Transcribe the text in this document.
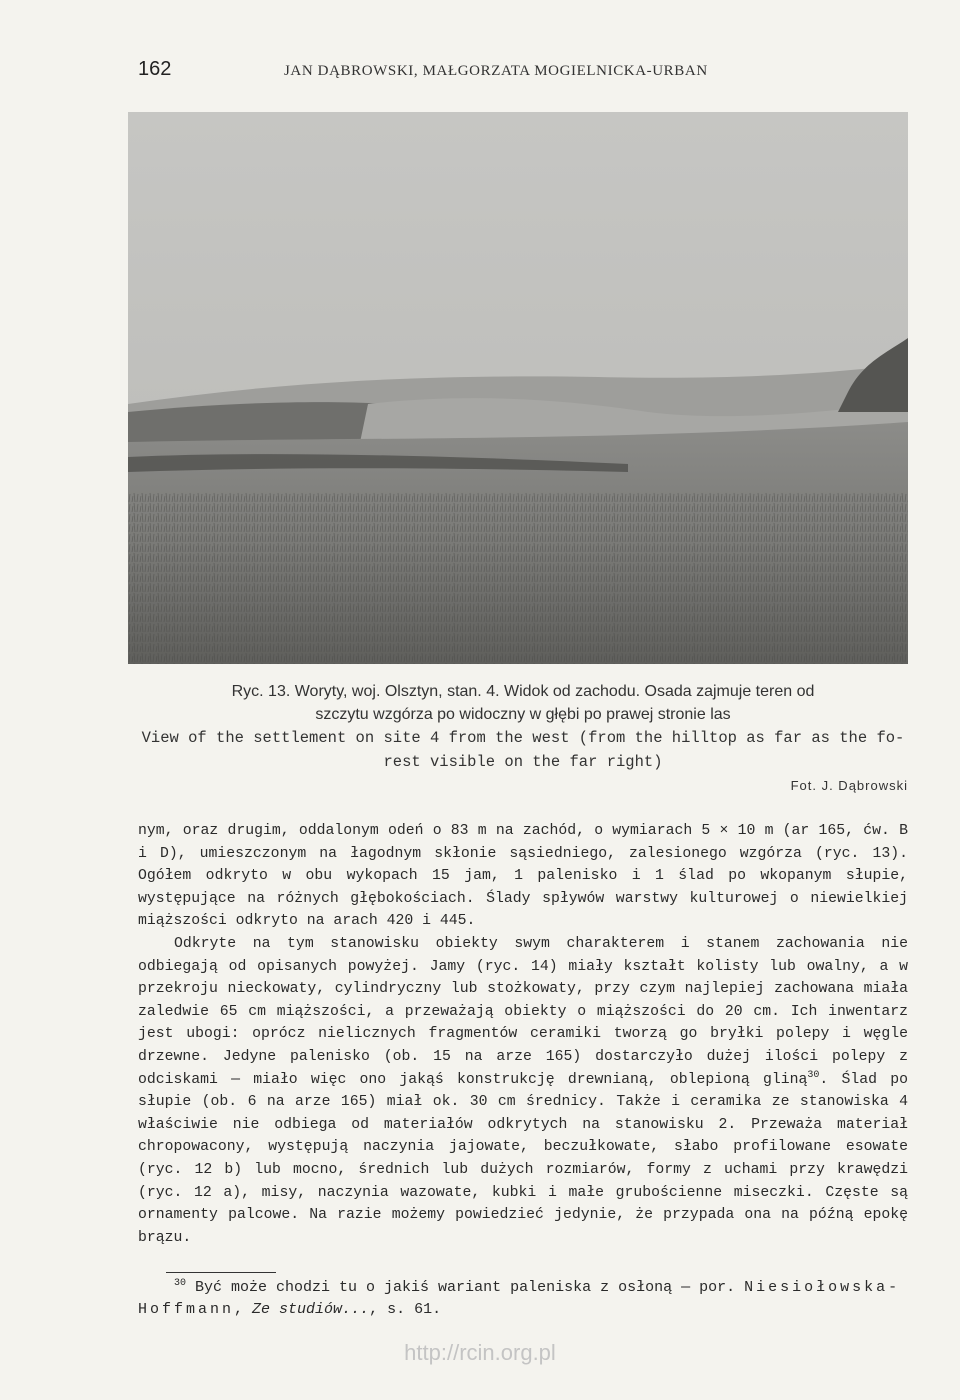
162	JAN DĄBROWSKI, MAŁGORZATA MOGIELNICKA-URBAN
Ryc. 13. Woryty, woj. Olsztyn, stan. 4. Widok od zachodu. Osada zajmuje teren od
szczytu wzgórza po widoczny w głębi po prawej stronie las
View of the settlement on site 4 from the west (from the hilltop as far as the fo-
rest visible on the far right)
Fot. J. Dąbrowski

nym, oraz drugim, oddalonym odeń o 83 m na zachód, o wymiarach 5 × 10 m (ar 165, ćw. B i D), umieszczonym na łagodnym skłonie sąsiedniego, zalesionego wzgórza (ryc. 13). Ogółem odkryto w obu wykopach 15 jam, 1 palenisko i 1 ślad po wkopanym słupie, występujące na różnych głębokościach. Ślady spływów warstwy kulturowej o niewielkiej miąższości odkryto na arach 420 i 445.

Odkryte na tym stanowisku obiekty swym charakterem i stanem zachowania nie odbiegają od opisanych powyżej. Jamy (ryc. 14) miały kształt kolisty lub owalny, a w przekroju nieckowaty, cylindryczny lub stożkowaty, przy czym najlepiej zachowana miała zaledwie 65 cm miąższości, a przeważają obiekty o miąższości do 20 cm. Ich inwentarz jest ubogi: oprócz nielicznych fragmentów ceramiki tworzą go bryłki polepy i węgle drzewne. Jedyne palenisko (ob. 15 na arze 165) dostarczyło dużej ilości polepy z odciskami — miało więc ono jakąś konstrukcję drewnianą, oblepioną gliną$^{30}$. Ślad po słupie (ob. 6 na arze 165) miał ok. 30 cm średnicy. Także i ceramika ze stanowiska 4 właściwie nie odbiega od materiałów odkrytych na stanowisku 2. Przeważa materiał chropowacony, występują naczynia jajowate, beczułkowate, słabo profilowane esowate (ryc. 12 b) lub mocno, średnich lub dużych rozmiarów, formy z uchami przy krawędzi (ryc. 12 a), misy, naczynia wazowate, kubki i małe grubościenne miseczki. Częste są ornamenty palcowe. Na razie możemy powiedzieć jedynie, że przypada ona na późną epokę brązu.

$^{30}$ Być może chodzi tu o jakiś wariant paleniska z osłoną — por. Niesiołowska-Hoffmann, Ze studiów..., s. 61.
http://rcin.org.pl
